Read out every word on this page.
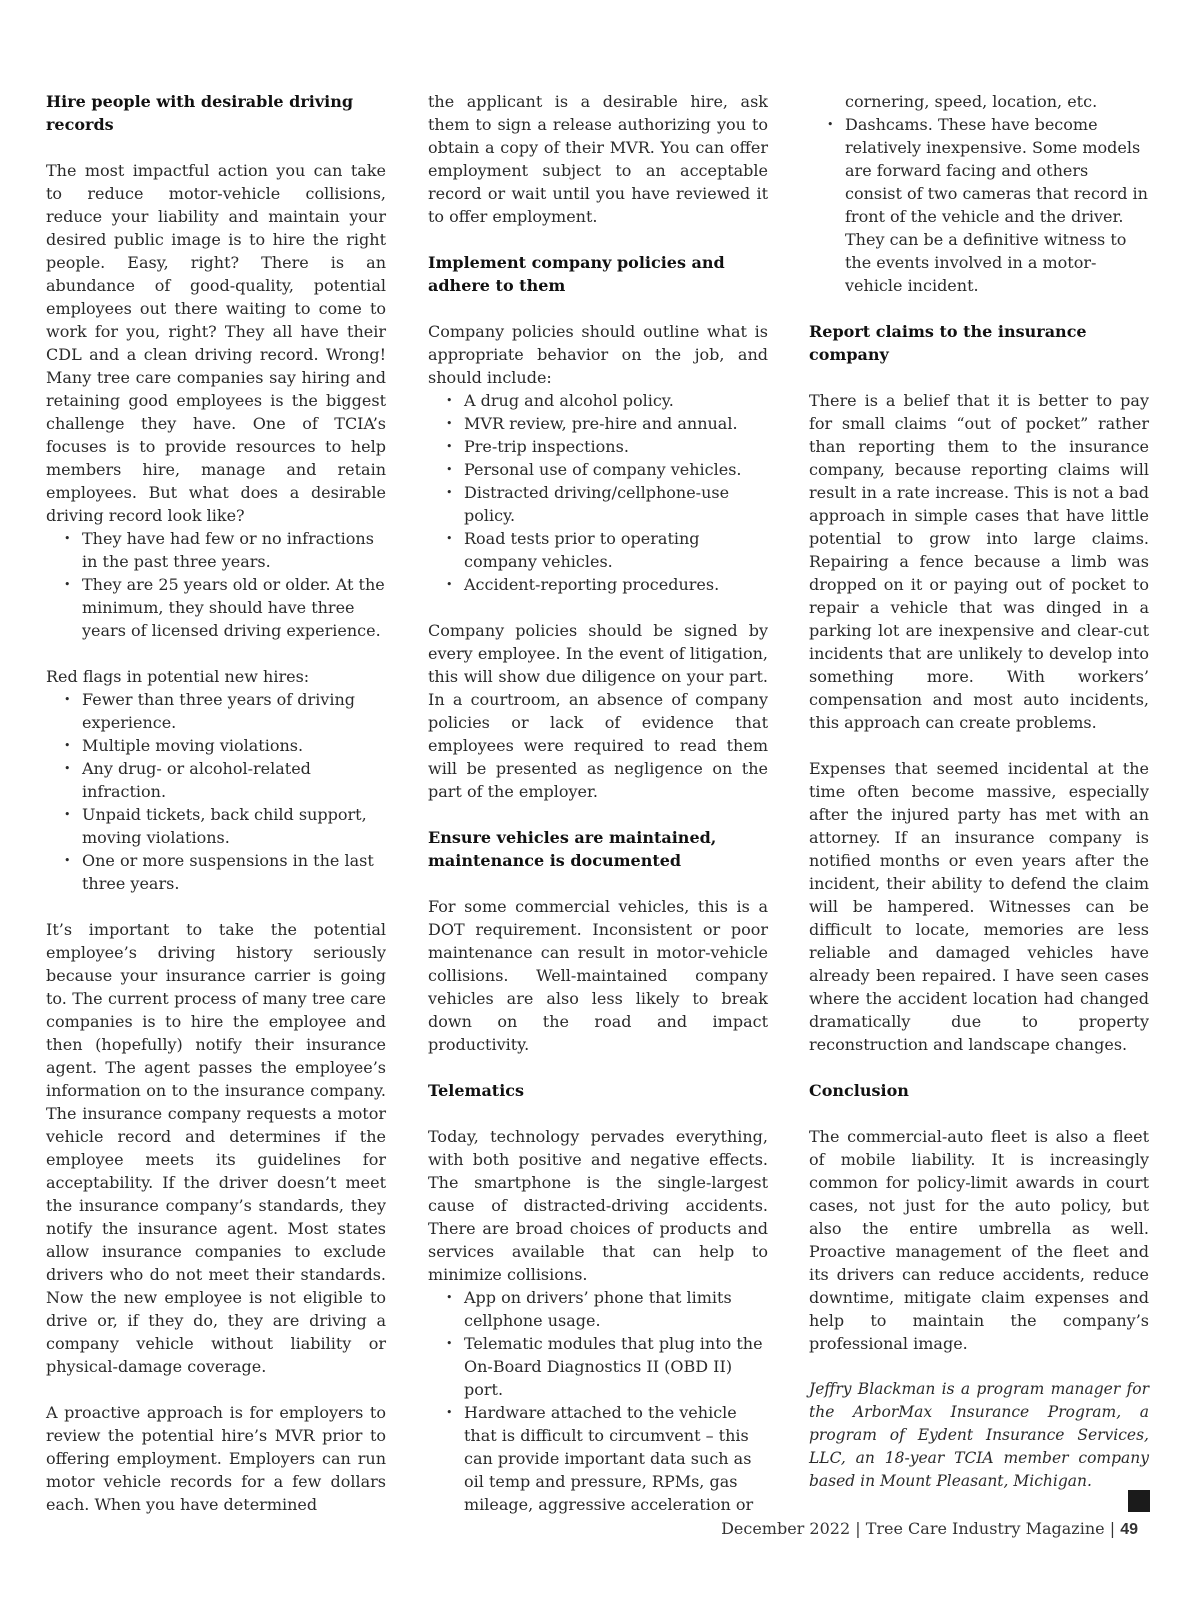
Hire people with desirable driving records

The most impactful action you can take to reduce motor-vehicle collisions, reduce your liability and maintain your desired public image is to hire the right people. Easy, right? There is an abundance of good-quality, potential employees out there waiting to come to work for you, right? They all have their CDL and a clean driving record. Wrong! Many tree care companies say hiring and retaining good employees is the biggest challenge they have. One of TCIA’s focuses is to provide resources to help members hire, manage and retain employees. But what does a desirable driving record look like?

• They have had few or no infractions in the past three years.
• They are 25 years old or older. At the minimum, they should have three years of licensed driving experience.

Red flags in potential new hires:

• Fewer than three years of driving experience.
• Multiple moving violations.
• Any drug- or alcohol-related infraction.
• Unpaid tickets, back child support, moving violations.
• One or more suspensions in the last three years.

It’s important to take the potential employee’s driving history seriously because your insurance carrier is going to. The current process of many tree care companies is to hire the employee and then (hopefully) notify their insurance agent. The agent passes the employee’s information on to the insurance company. The insurance company requests a motor vehicle record and determines if the employee meets its guidelines for acceptability. If the driver doesn’t meet the insurance company’s standards, they notify the insurance agent. Most states allow insurance companies to exclude drivers who do not meet their standards. Now the new employee is not eligible to drive or, if they do, they are driving a company vehicle without liability or physical-damage coverage.

A proactive approach is for employers to review the potential hire’s MVR prior to offering employment. Employers can run motor vehicle records for a few dollars each. When you have determined

the applicant is a desirable hire, ask them to sign a release authorizing you to obtain a copy of their MVR. You can offer employment subject to an acceptable record or wait until you have reviewed it to offer employment.

Implement company policies and adhere to them

Company policies should outline what is appropriate behavior on the job, and should include:

• A drug and alcohol policy.
• MVR review, pre-hire and annual.
• Pre-trip inspections.
• Personal use of company vehicles.
• Distracted driving/cellphone-use policy.
• Road tests prior to operating company vehicles.
• Accident-reporting procedures.

Company policies should be signed by every employee. In the event of litigation, this will show due diligence on your part. In a courtroom, an absence of company policies or lack of evidence that employees were required to read them will be presented as negligence on the part of the employer.

Ensure vehicles are maintained, maintenance is documented

For some commercial vehicles, this is a DOT requirement. Inconsistent or poor maintenance can result in motor-vehicle collisions. Well-maintained company vehicles are also less likely to break down on the road and impact productivity.

Telematics

Today, technology pervades everything, with both positive and negative effects. The smartphone is the single-largest cause of distracted-driving accidents. There are broad choices of products and services available that can help to minimize collisions.

• App on drivers’ phone that limits cellphone usage.
• Telematic modules that plug into the On-Board Diagnostics II (OBD II) port.
• Hardware attached to the vehicle that is difficult to circumvent – this can provide important data such as oil temp and pressure, RPMs, gas mileage, aggressive acceleration or

cornering, speed, location, etc.

• Dashcams. These have become relatively inexpensive. Some models are forward facing and others consist of two cameras that record in front of the vehicle and the driver. They can be a definitive witness to the events involved in a motor-vehicle incident.

Report claims to the insurance company

There is a belief that it is better to pay for small claims “out of pocket” rather than reporting them to the insurance company, because reporting claims will result in a rate increase. This is not a bad approach in simple cases that have little potential to grow into large claims. Repairing a fence because a limb was dropped on it or paying out of pocket to repair a vehicle that was dinged in a parking lot are inexpensive and clear-cut incidents that are unlikely to develop into something more. With workers’ compensation and most auto incidents, this approach can create problems.

Expenses that seemed incidental at the time often become massive, especially after the injured party has met with an attorney. If an insurance company is notified months or even years after the incident, their ability to defend the claim will be hampered. Witnesses can be difficult to locate, memories are less reliable and damaged vehicles have already been repaired. I have seen cases where the accident location had changed dramatically due to property reconstruction and landscape changes.

Conclusion

The commercial-auto fleet is also a fleet of mobile liability. It is increasingly common for policy-limit awards in court cases, not just for the auto policy, but also the entire umbrella as well. Proactive management of the fleet and its drivers can reduce accidents, reduce downtime, mitigate claim expenses and help to maintain the company’s professional image.

Jeffry Blackman is a program manager for the ArborMax Insurance Program, a program of Eydent Insurance Services, LLC, an 18-year TCIA member company based in Mount Pleasant, Michigan.

December 2022 | Tree Care Industry Magazine | 49
